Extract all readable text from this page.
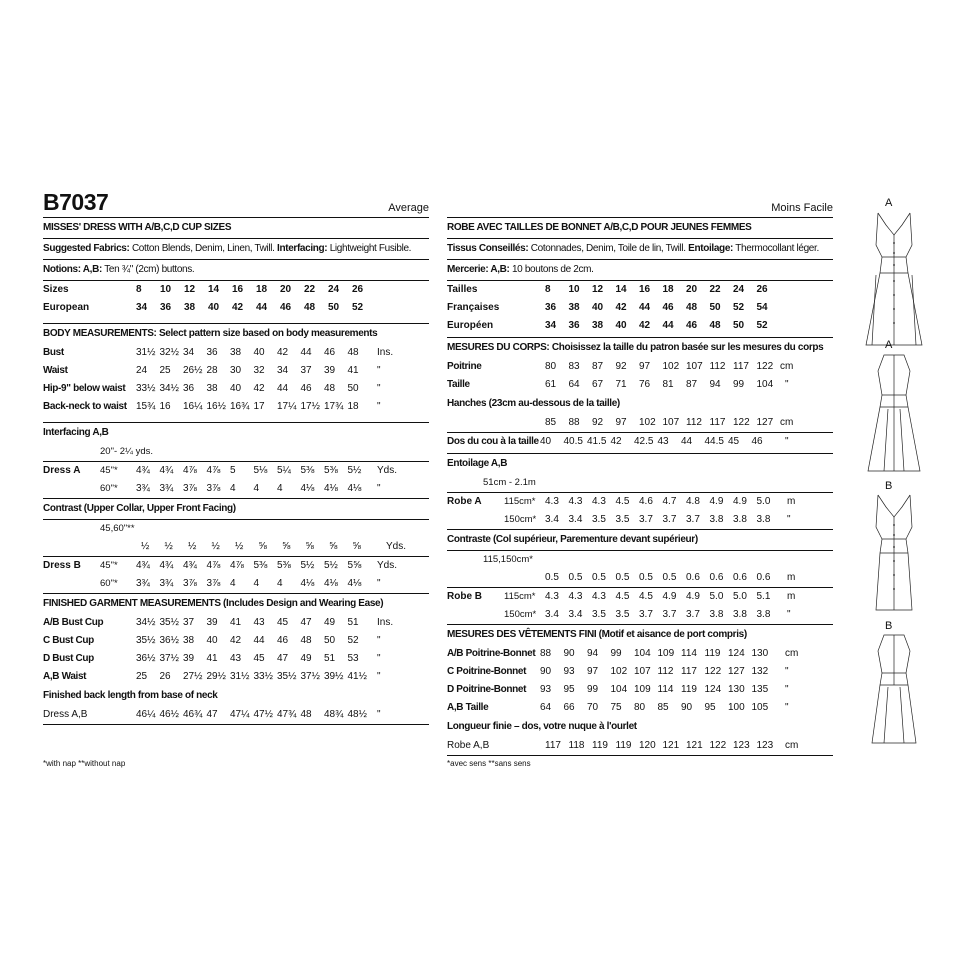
B7037	Average
MISSES' DRESS WITH A/B,C,D CUP SIZES
Suggested Fabrics: Cotton Blends, Denim, Linen, Twill. Interfacing: Lightweight Fusible.
Notions: A,B: Ten ¾" (2cm) buttons.
Sizes	8 10 12 14 16 18 20 22 24 26
European	34 36 38 40 42 44 46 48 50 52
BODY MEASUREMENTS: Select pattern size based on body measurements
Bust	31½ 32½ 34 36 38 40 42 44 46 48 Ins.
Waist	24 25 26½ 28 30 32 34 37 39 41 "
Hip-9" below waist 33½ 34½ 36 38 40 42 44 46 48 50 "
Back-neck to waist 15¾ 16 16¼ 16½ 16¾ 17 17¼ 17½ 17¾ 18 "
Interfacing A,B
20"- 2¼ yds.
Dress A 45"* 4¾ 4¾ 4⅞ 4⅞ 5 5⅛ 5¼ 5⅜ 5⅜ 5½ Yds.
60"* 3¾ 3¾ 3⅞ 3⅞ 4 4 4 4⅛ 4⅛ 4⅛ "
Contrast (Upper Collar, Upper Front Facing)
45,60"**
½ ½ ½ ½ ½ ⅝ ⅝ ⅝ ⅝ ⅝	Yds.
Dress B 45"* 4¾ 4¾ 4¾ 4⅞ 4⅞ 5⅜ 5⅜ 5½ 5½ 5⅝ Yds.
60"* 3¾ 3¾ 3⅞ 3⅞ 4 4 4 4⅛ 4⅛ 4⅛ "
FINISHED GARMENT MEASUREMENTS (Includes Design and Wearing Ease)
A/B Bust Cup	34½ 35½ 37 39 41 43 45 47 49 51 Ins.
C Bust Cup	35½ 36½ 38 40 42 44 46 48 50 52 "
D Bust Cup	36½ 37½ 39 41 43 45 47 49 51 53 "
A,B Waist	25 26 27½ 29½ 31½ 33½ 35½ 37½ 39½ 41½ "
Finished back length from base of neck
Dress A,B	46¼ 46½ 46¾ 47 47¼ 47½ 47¾ 48 48¾ 48½ "
Moins Facile
ROBE AVEC TAILLES DE BONNET A/B,C,D POUR JEUNES FEMMES
Tissus Conseillés: Cotonnades, Denim, Toile de lin, Twill. Entoilage: Thermocollant léger.
Mercerie: A,B: 10 boutons de 2cm.
Tailles	8 10 12 14 16 18 20 22 24 26
Françaises	36 38 40 42 44 46 48 50 52 54
Européen	34 36 38 40 42 44 46 48 50 52
MESURES DU CORPS: Choisissez la taille du patron basée sur les mesures du corps
Poitrine	80 83 87 92 97 102 107 112 117 122 cm
Taille	61 64 67 71 76 81 87 94 99 104 "
Hanches (23cm au-dessous de la taille)
85 88 92 97 102 107 112 117 122 127 cm
Dos du cou à la taille 40 40.5 41.5 42 42.5 43 44 44.5 45 46 "
Entoilage A,B
51cm - 2.1m
Robe A 115cm* 4.3 4.3 4.3 4.5 4.6 4.7 4.8 4.9 4.9 5.0 m
150cm* 3.4 3.4 3.5 3.5 3.7 3.7 3.7 3.8 3.8 3.8 "
Contraste (Col supérieur, Parementure devant supérieur)
115,150cm*
0.5 0.5 0.5 0.5 0.5 0.5 0.6 0.6 0.6 0.6 m
Robe B 115cm* 4.3 4.3 4.3 4.5 4.5 4.9 4.9 5.0 5.0 5.1 m
150cm* 3.4 3.4 3.5 3.5 3.7 3.7 3.7 3.8 3.8 3.8 "
MESURES DES VÊTEMENTS FINI (Motif et aisance de port compris)
A/B Poitrine-Bonnet 88 90 94 99 104 109 114 119 124 130 cm
C Poitrine-Bonnet 90 93 97 102 107 112 117 122 127 132 "
D Poitrine-Bonnet 93 95 99 104 109 114 119 124 130 135 "
A,B Taille	64 66 70 75 80 85 90 95 100 105 "
Longueur finie – dos, votre nuque à l'ourlet
Robe A,B	117 118 119 119 120 121 121 122 123 123 cm
*with nap **without nap	*avec sens **sans sens
A
A
B
B
